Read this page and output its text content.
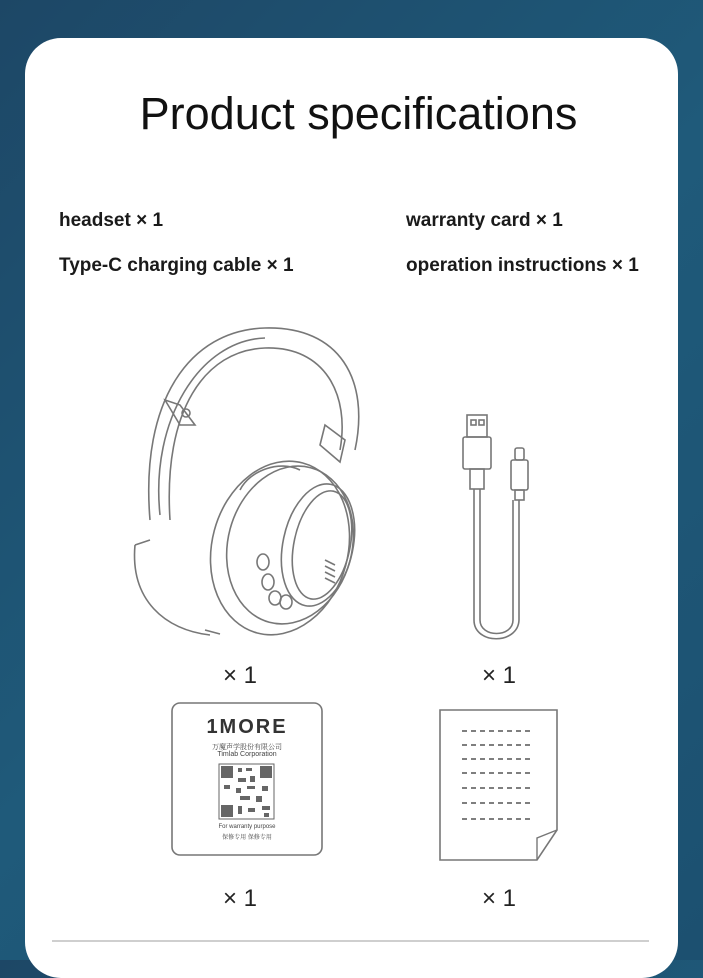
Product specifications
headset × 1	warranty card × 1
Type-C charging cable × 1	operation instructions × 1
× 1	× 1
1MORE
万魔声学股份有限公司
Timlab Corporation
For warranty purpose
保修专用 保修专用
× 1	× 1
